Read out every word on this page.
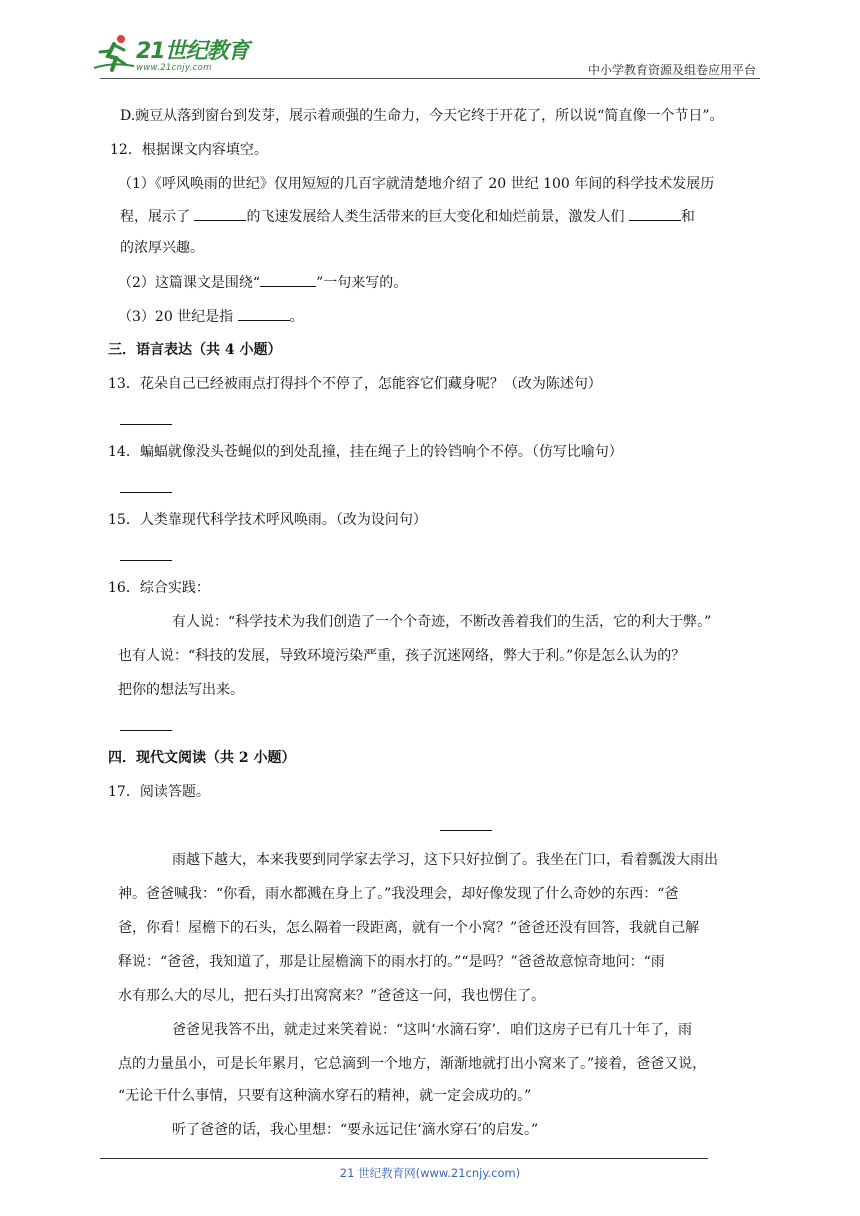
21世纪教育
www.21cnjy.com	中小学教育资源及组卷应用平台
D.豌豆从落到窗台到发芽，展示着顽强的生命力，今天它终于开花了，所以说“简直像一个节日”。
12．根据课文内容填空。
（1）《呼风唤雨的世纪》仅用短短的几百字就清楚地介绍了 20 世纪 100 年间的科学技术发展历
程，展示了	的飞速发展给人类生活带来的巨大变化和灿烂前景，激发人们	和
的浓厚兴趣。
（2）这篇课文是围绕“	”一句来写的。
（3）20 世纪是指	。
三．语言表达（共 4 小题）
13．花朵自己已经被雨点打得抖个不停了，怎能容它们藏身呢？（改为陈述句）
14．蝙蝠就像没头苍蝇似的到处乱撞，挂在绳子上的铃铛响个不停。（仿写比喻句）
15．人类靠现代科学技术呼风唤雨。（改为设问句）
16．综合实践：
有人说：“科学技术为我们创造了一个个奇迹，不断改善着我们的生活，它的利大于弊。”
也有人说：“科技的发展，导致环境污染严重，孩子沉迷网络，弊大于利。”你是怎么认为的？
把你的想法写出来。
四．现代文阅读（共 2 小题）
17．阅读答题。
雨越下越大，本来我要到同学家去学习，这下只好拉倒了。我坐在门口，看着瓢泼大雨出
神。爸爸喊我：“你看，雨水都溅在身上了。”我没理会，却好像发现了什么奇妙的东西：“爸
爸，你看！屋檐下的石头，怎么隔着一段距离，就有一个小窝？”爸爸还没有回答，我就自己解
释说：“爸爸，我知道了，那是让屋檐滴下的雨水打的。”“是吗？”爸爸故意惊奇地问：“雨
水有那么大的尽儿，把石头打出窝窝来？”爸爸这一问，我也愣住了。
爸爸见我答不出，就走过来笑着说：“这叫‘水滴石穿’．咱们这房子已有几十年了，雨
点的力量虽小，可是长年累月，它总滴到一个地方，渐渐地就打出小窝来了。”接着，爸爸又说，
“无论干什么事情，只要有这种滴水穿石的精神，就一定会成功的。”
听了爸爸的话，我心里想：“要永远记住‘滴水穿石’的启发。”
21 世纪教育网(www.21cnjy.com)
